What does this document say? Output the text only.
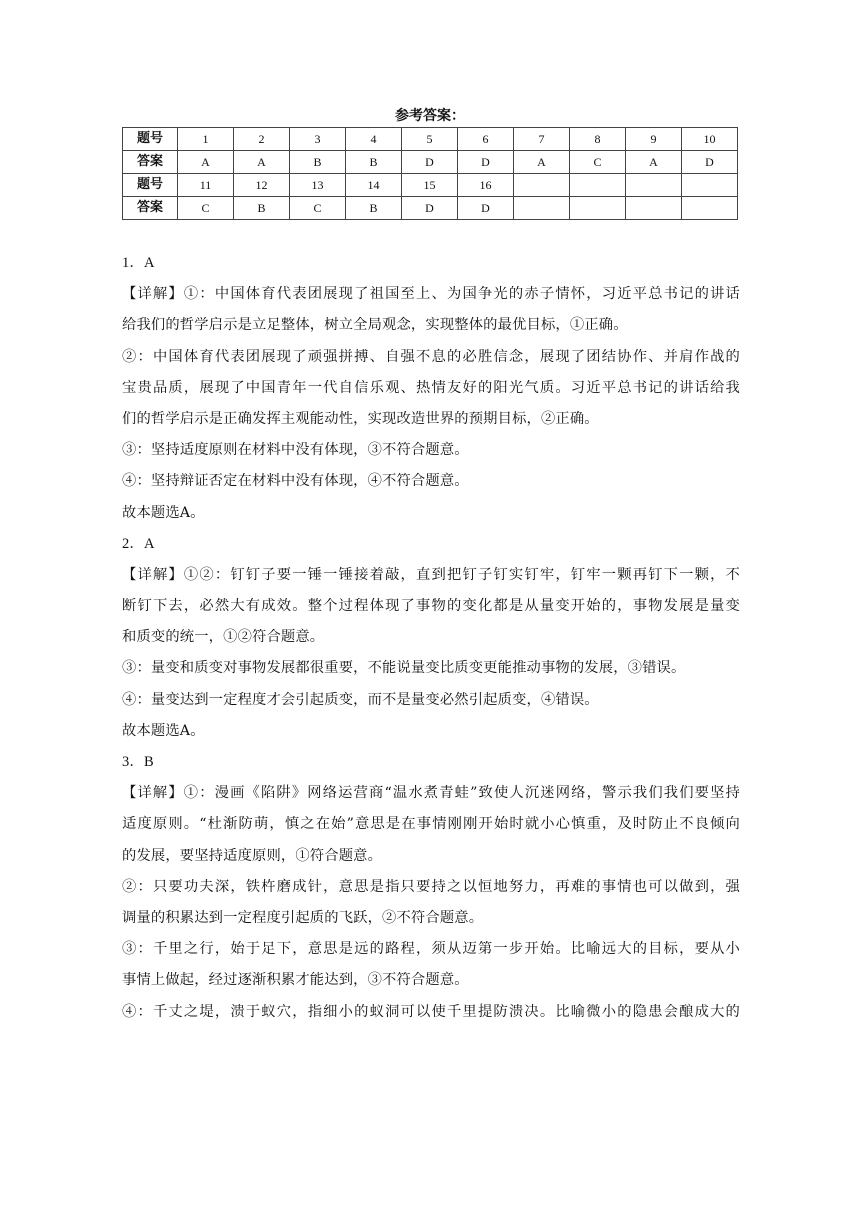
参考答案：
题号	1	2	3	4	5	6	7	8	9	10
答案	A	A	B	B	D	D	A	C	A	D
题号	11	12	13	14	15	16				
答案	C	B	C	B	D	D				
1．A
【详解】①：中国体育代表团展现了祖国至上、为国争光的赤子情怀，习近平总书记的讲话
给我们的哲学启示是立足整体，树立全局观念，实现整体的最优目标，①正确。
②：中国体育代表团展现了顽强拼搏、自强不息的必胜信念，展现了团结协作、并肩作战的
宝贵品质，展现了中国青年一代自信乐观、热情友好的阳光气质。习近平总书记的讲话给我
们的哲学启示是正确发挥主观能动性，实现改造世界的预期目标，②正确。
③：坚持适度原则在材料中没有体现，③不符合题意。
④：坚持辩证否定在材料中没有体现，④不符合题意。
故本题选A。
2．A
【详解】①②：钉钉子要一锤一锤接着敲，直到把钉子钉实钉牢，钉牢一颗再钉下一颗，不
断钉下去，必然大有成效。整个过程体现了事物的变化都是从量变开始的，事物发展是量变
和质变的统一，①②符合题意。
③：量变和质变对事物发展都很重要，不能说量变比质变更能推动事物的发展，③错误。
④：量变达到一定程度才会引起质变，而不是量变必然引起质变，④错误。
故本题选A。
3．B
【详解】①：漫画《陷阱》网络运营商“温水煮青蛙”致使人沉迷网络，警示我们我们要坚持
适度原则。“杜渐防萌，慎之在始”意思是在事情刚刚开始时就小心慎重，及时防止不良倾向
的发展，要坚持适度原则，①符合题意。
②：只要功夫深，铁杵磨成针，意思是指只要持之以恒地努力，再难的事情也可以做到，强
调量的积累达到一定程度引起质的飞跃，②不符合题意。
③：千里之行，始于足下，意思是远的路程，须从迈第一步开始。比喻远大的目标，要从小
事情上做起，经过逐渐积累才能达到，③不符合题意。
④：千丈之堤，溃于蚁穴，指细小的蚁洞可以使千里提防溃决。比喻微小的隐患会酿成大的
